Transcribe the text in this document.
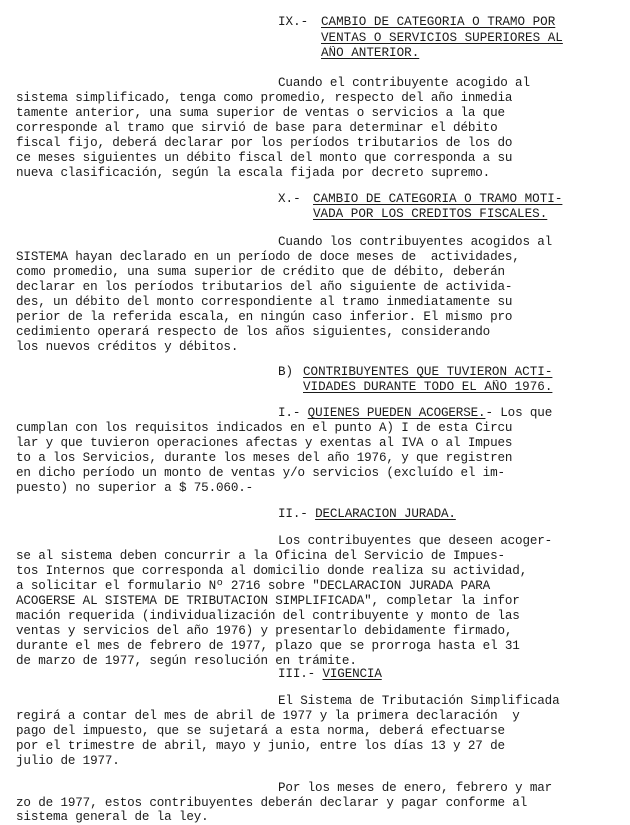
IX.- CAMBIO DE CATEGORIA O TRAMO POR
VENTAS O SERVICIOS SUPERIORES AL
AÑO ANTERIOR.
Cuando el contribuyente acogido al
sistema simplificado, tenga como promedio, respecto del año inmedia
tamente anterior, una suma superior de ventas o servicios a la que
corresponde al tramo que sirvió de base para determinar el débito
fiscal fijo, deberá declarar por los períodos tributarios de los do
ce meses siguientes un débito fiscal del monto que corresponda a su
nueva clasificación, según la escala fijada por decreto supremo.
X.- CAMBIO DE CATEGORIA O TRAMO MOTI-
VADA POR LOS CREDITOS FISCALES.
Cuando los contribuyentes acogidos al
SISTEMA hayan declarado en un período de doce meses de  actividades,
como promedio, una suma superior de crédito que de débito, deberán
declarar en los períodos tributarios del año siguiente de activida-
des, un débito del monto correspondiente al tramo inmediatamente su
perior de la referida escala, en ningún caso inferior. El mismo pro
cedimiento operará respecto de los años siguientes, considerando
los nuevos créditos y débitos.
B) CONTRIBUYENTES QUE TUVIERON ACTI-
VIDADES DURANTE TODO EL AÑO 1976.
I.- QUIENES PUEDEN ACOGERSE.- Los que
cumplan con los requisitos indicados en el punto A) I de esta Circu
lar y que tuvieron operaciones afectas y exentas al IVA o al Impues
to a los Servicios, durante los meses del año 1976, y que registren
en dicho período un monto de ventas y/o servicios (excluído el im-
puesto) no superior a $ 75.060.-
II.- DECLARACION JURADA.
Los contribuyentes que deseen acoger-
se al sistema deben concurrir a la Oficina del Servicio de Impues-
tos Internos que corresponda al domicilio donde realiza su actividad,
a solicitar el formulario Nº 2716 sobre "DECLARACION JURADA PARA
ACOGERSE AL SISTEMA DE TRIBUTACION SIMPLIFICADA", completar la infor
mación requerida (individualización del contribuyente y monto de las
ventas y servicios del año 1976) y presentarlo debidamente firmado,
durante el mes de febrero de 1977, plazo que se prorroga hasta el 31
de marzo de 1977, según resolución en trámite.
III.- VIGENCIA
El Sistema de Tributación Simplificada
regirá a contar del mes de abril de 1977 y la primera declaración  y
pago del impuesto, que se sujetará a esta norma, deberá efectuarse
por el trimestre de abril, mayo y junio, entre los días 13 y 27 de
julio de 1977.
Por los meses de enero, febrero y mar
zo de 1977, estos contribuyentes deberán declarar y pagar conforme al
sistema general de la ley.
